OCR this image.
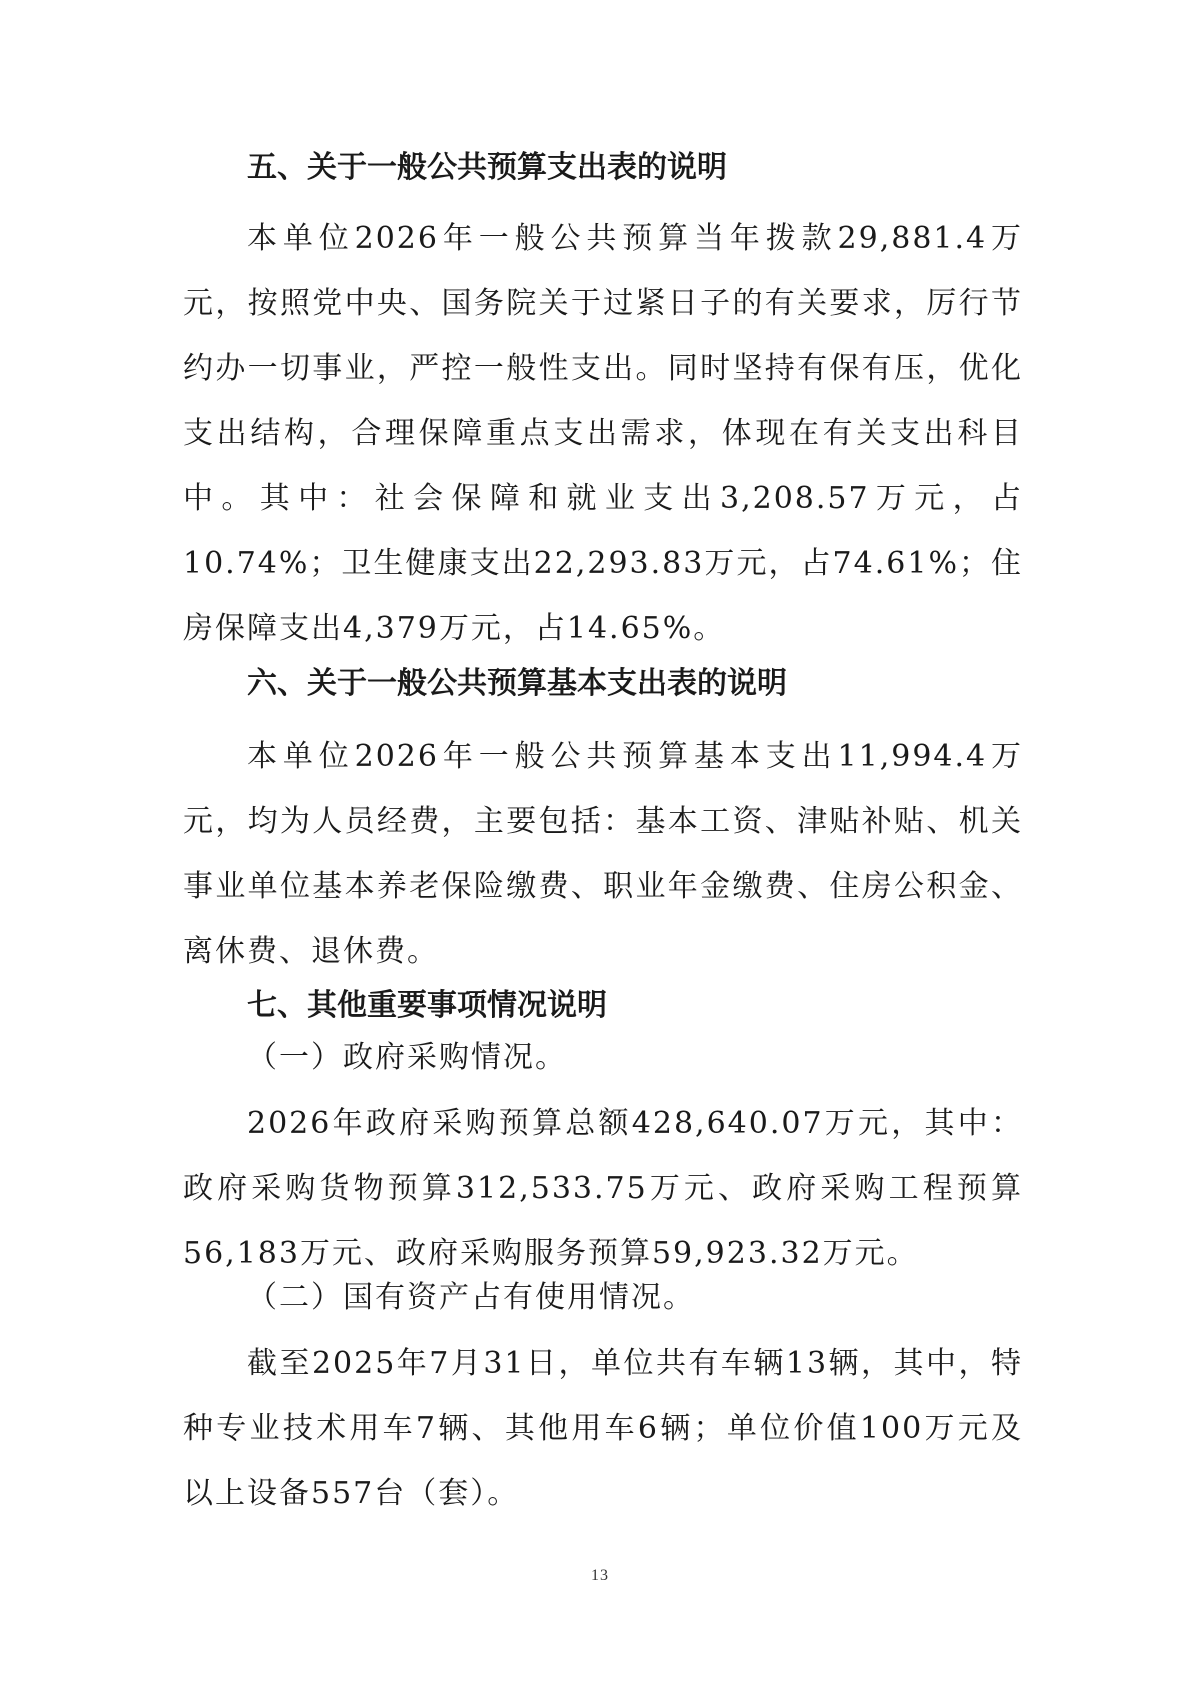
五、关于一般公共预算支出表的说明

本单位2026年一般公共预算当年拨款29,881.4万元，按照党中央、国务院关于过紧日子的有关要求，厉行节约办一切事业，严控一般性支出。同时坚持有保有压，优化支出结构，合理保障重点支出需求，体现在有关支出科目中。其中：社会保障和就业支出3,208.57万元，占10.74%；卫生健康支出22,293.83万元，占74.61%；住房保障支出4,379万元，占14.65%。

六、关于一般公共预算基本支出表的说明

本单位2026年一般公共预算基本支出11,994.4万元，均为人员经费，主要包括：基本工资、津贴补贴、机关事业单位基本养老保险缴费、职业年金缴费、住房公积金、离休费、退休费。

七、其他重要事项情况说明

（一）政府采购情况。

2026年政府采购预算总额428,640.07万元，其中：政府采购货物预算312,533.75万元、政府采购工程预算56,183万元、政府采购服务预算59,923.32万元。

（二）国有资产占有使用情况。

截至2025年7月31日，单位共有车辆13辆，其中，特种专业技术用车7辆、其他用车6辆；单位价值100万元及以上设备557台（套）。

13
